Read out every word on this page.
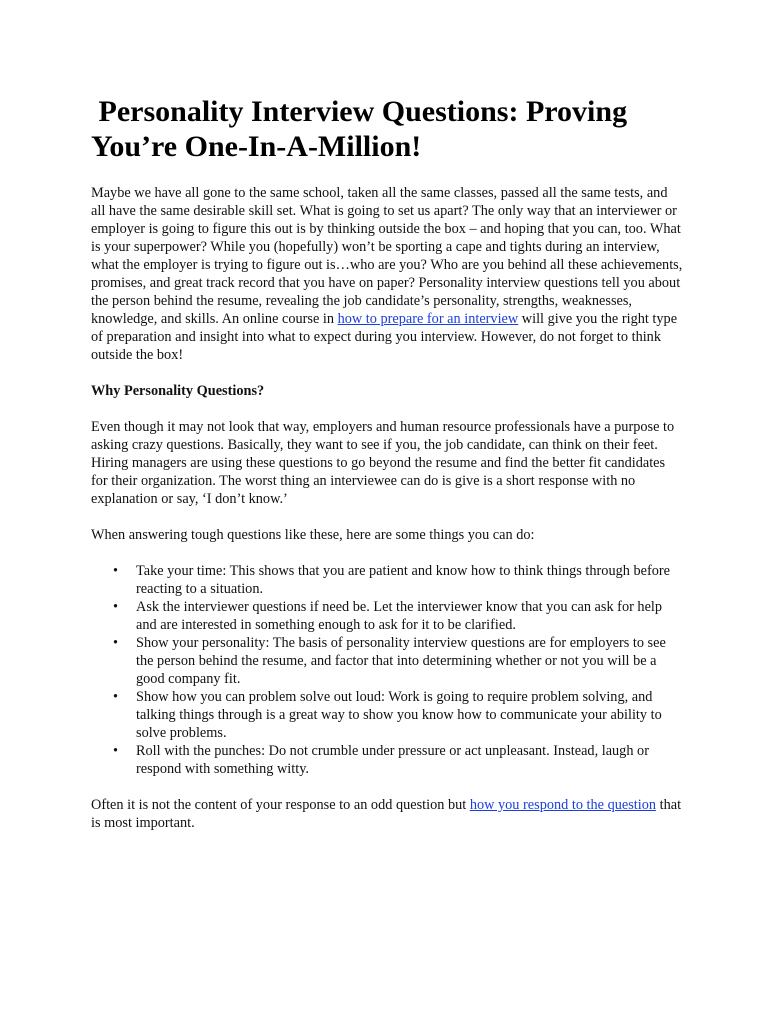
Personality Interview Questions: Proving You’re One-In-A-Million!

Maybe we have all gone to the same school, taken all the same classes, passed all the same tests, and all have the same desirable skill set. What is going to set us apart? The only way that an interviewer or employer is going to figure this out is by thinking outside the box – and hoping that you can, too. What is your superpower? While you (hopefully) won’t be sporting a cape and tights during an interview, what the employer is trying to figure out is…who are you? Who are you behind all these achievements, promises, and great track record that you have on paper? Personality interview questions tell you about the person behind the resume, revealing the job candidate’s personality, strengths, weaknesses, knowledge, and skills. An online course in how to prepare for an interview will give you the right type of preparation and insight into what to expect during you interview. However, do not forget to think outside the box!

Why Personality Questions?

Even though it may not look that way, employers and human resource professionals have a purpose to asking crazy questions. Basically, they want to see if you, the job candidate, can think on their feet. Hiring managers are using these questions to go beyond the resume and find the better fit candidates for their organization. The worst thing an interviewee can do is give is a short response with no explanation or say, ‘I don’t know.’

When answering tough questions like these, here are some things you can do:

• Take your time: This shows that you are patient and know how to think things through before reacting to a situation.
• Ask the interviewer questions if need be. Let the interviewer know that you can ask for help and are interested in something enough to ask for it to be clarified.
• Show your personality: The basis of personality interview questions are for employers to see the person behind the resume, and factor that into determining whether or not you will be a good company fit.
• Show how you can problem solve out loud: Work is going to require problem solving, and talking things through is a great way to show you know how to communicate your ability to solve problems.
• Roll with the punches: Do not crumble under pressure or act unpleasant. Instead, laugh or respond with something witty.

Often it is not the content of your response to an odd question but how you respond to the question that is most important.
